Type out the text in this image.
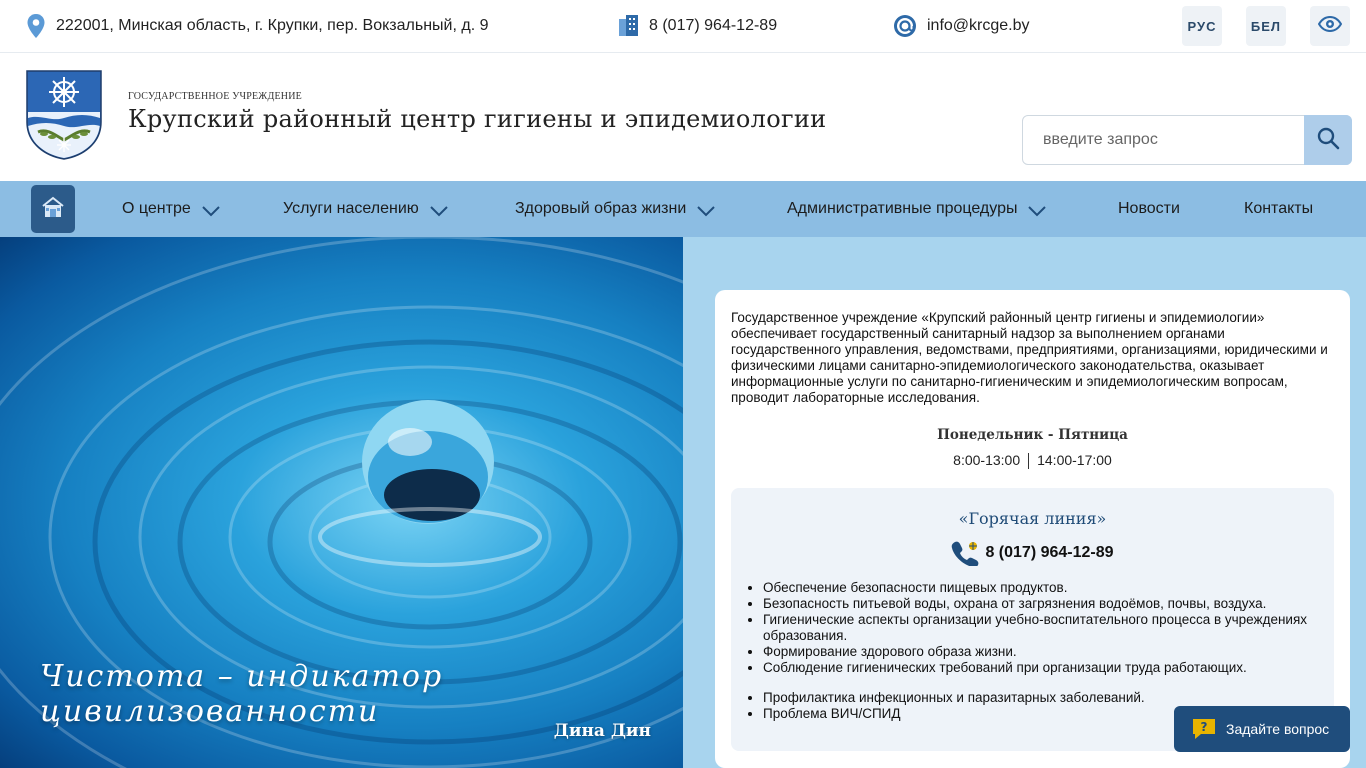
222001, Минская область, г. Крупки, пер. Вокзальный, д. 9	8 (017) 964-12-89	info@krcge.by	РУС	БЕЛ
ГОСУДАРСТВЕННОЕ УЧРЕЖДЕНИЕ
Крупский районный центр гигиены и эпидемиологии
введите запрос
О центре	Услуги населению	Здоровый образ жизни	Административные процедуры	Новости	Контакты
Чистота – индикатор цивилизованности
Дина Дин
Государственное учреждение «Крупский районный центр гигиены и эпидемиологии» обеспечивает государственный санитарный надзор за выполнением органами государственного управления, ведомствами, предприятиями, организациями, юридическими и физическими лицами санитарно-эпидемиологического законодательства, оказывает информационные услуги по санитарно-гигиеническим и эпидемиологическим вопросам, проводит лабораторные исследования.
Понедельник - Пятница
8:00-13:00 14:00-17:00
«Горячая линия»
8 (017) 964-12-89
• Обеспечение безопасности пищевых продуктов.
• Безопасность питьевой воды, охрана от загрязнения водоёмов, почвы, воздуха.
• Гигиенические аспекты организации учебно-воспитательного процесса в учреждениях образования.
• Формирование здорового образа жизни.
• Соблюдение гигиенических требований при организации труда работающих.
• Профилактика инфекционных и паразитарных заболеваний.
• Проблема ВИЧ/СПИД
? Задайте вопрос
